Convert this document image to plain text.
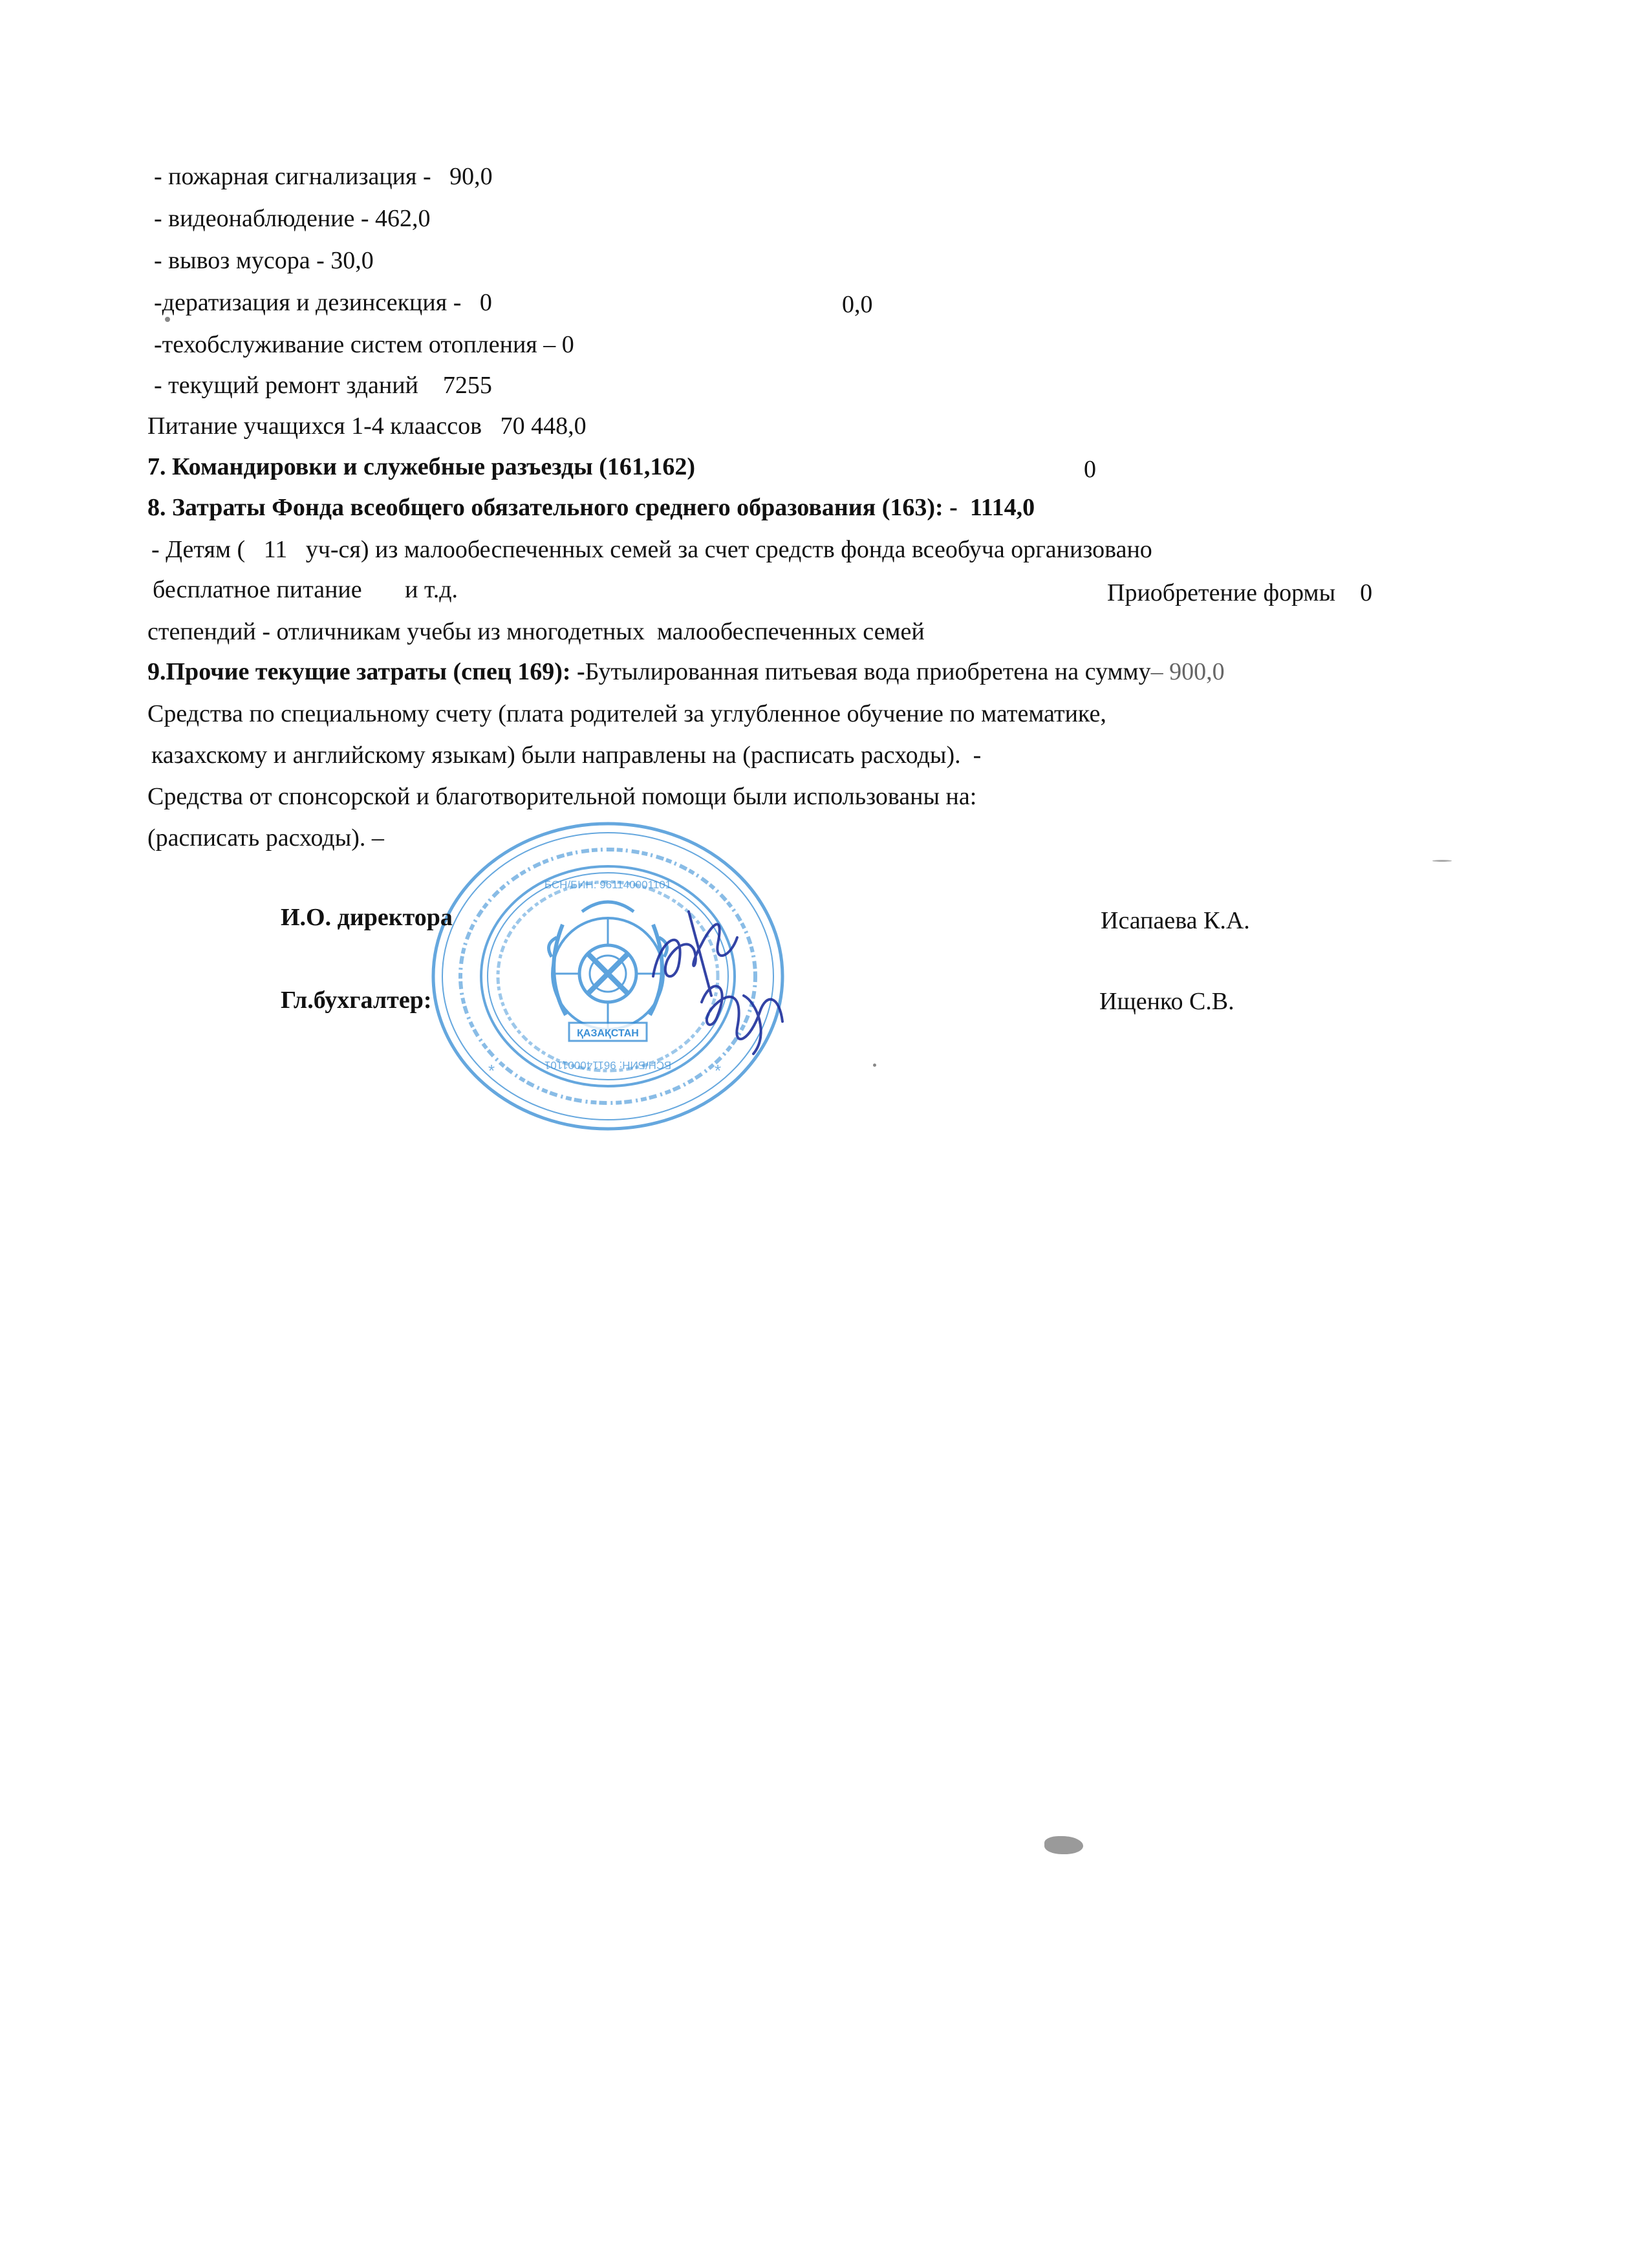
- пожарная сигнализация -   90,0
- видеонаблюдение - 462,0
- вывоз мусора - 30,0
-дератизация и дезинсекция -   0	0,0
-техобслуживание систем отопления – 0
- текущий ремонт зданий    7255
Питание учащихся 1-4 клаассов   70 448,0
7. Командировки и служебные разъезды (161,162)	0
8. Затраты Фонда всеобщего обязательного среднего образования (163): -  1114,0
- Детям (   11   уч-ся) из малообеспеченных семей за счет средств фонда всеобуча организовано
бесплатное питание       и т.д.	Приобретение формы    0
степендий - отличникам учебы из многодетных  малообеспеченных семей
9.Прочие текущие затраты (спец 169): -Бутылированная питьевая вода приобретена на сумму– 900,0
Средства по специальному счету (плата родителей за углубленное обучение по математике,
казахскому и английскому языкам) были направлены на (расписать расходы).  -
Средства от спонсорской и благотворительной помощи были использованы на:
(расписать расходы). –
ҚАЗАҚСТАН
БСН/БИН: 961140001101
БСН/БИН: 961140001101	*
*
И.О. директора	Исапаева К.А.
Гл.бухгалтер:	Ищенко С.В.
